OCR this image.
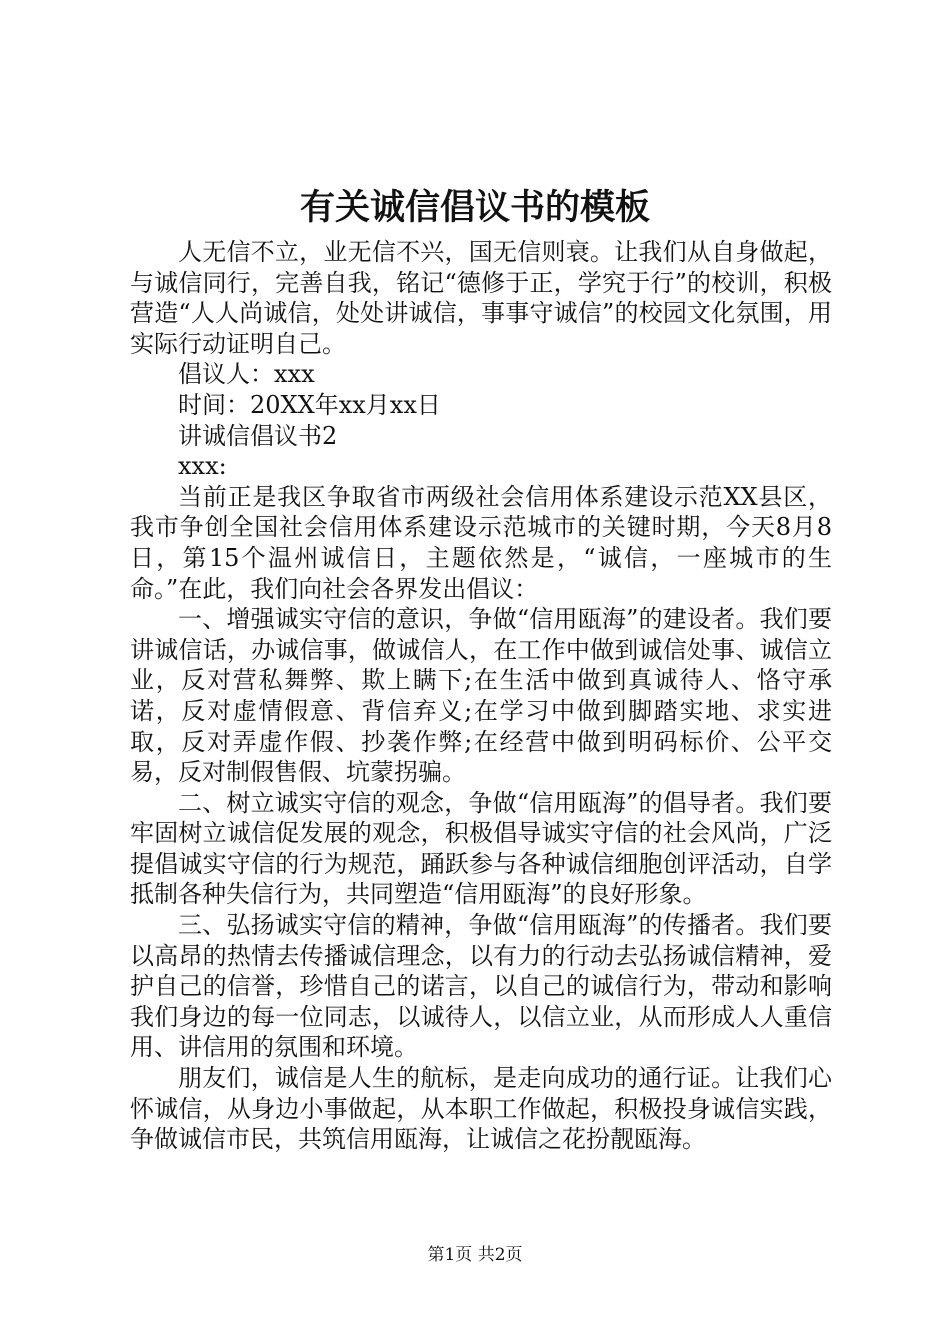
有关诚信倡议书的模板

人无信不立，业无信不兴，国无信则衰。让我们从自身做起，与诚信同行，完善自我，铭记“德修于正，学究于行”的校训，积极营造“人人尚诚信，处处讲诚信，事事守诚信”的校园文化氛围，用实际行动证明自己。

倡议人：xxx

时间：20XX年xx月xx日

讲诚信倡议书2

xxx:

当前正是我区争取省市两级社会信用体系建设示范XX县区，我市争创全国社会信用体系建设示范城市的关键时期，今天8月8日，第15个温州诚信日，主题依然是，“诚信，一座城市的生命。”在此，我们向社会各界发出倡议：

一、增强诚实守信的意识，争做“信用瓯海”的建设者。我们要讲诚信话，办诚信事，做诚信人，在工作中做到诚信处事、诚信立业，反对营私舞弊、欺上瞒下;在生活中做到真诚待人、恪守承诺，反对虚情假意、背信弃义;在学习中做到脚踏实地、求实进取，反对弄虚作假、抄袭作弊;在经营中做到明码标价、公平交易，反对制假售假、坑蒙拐骗。

二、树立诚实守信的观念，争做“信用瓯海”的倡导者。我们要牢固树立诚信促发展的观念，积极倡导诚实守信的社会风尚，广泛提倡诚实守信的行为规范，踊跃参与各种诚信细胞创评活动，自学抵制各种失信行为，共同塑造“信用瓯海”的良好形象。

三、弘扬诚实守信的精神，争做“信用瓯海”的传播者。我们要以高昂的热情去传播诚信理念，以有力的行动去弘扬诚信精神，爱护自己的信誉，珍惜自己的诺言，以自己的诚信行为，带动和影响我们身边的每一位同志，以诚待人，以信立业，从而形成人人重信用、讲信用的氛围和环境。

朋友们，诚信是人生的航标，是走向成功的通行证。让我们心怀诚信，从身边小事做起，从本职工作做起，积极投身诚信实践，争做诚信市民，共筑信用瓯海，让诚信之花扮靓瓯海。

第1页 共2页
